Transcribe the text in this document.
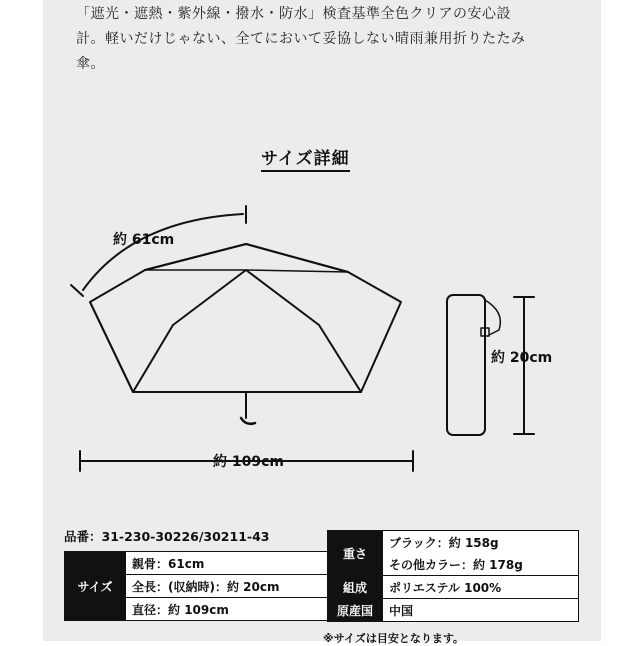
「遮光・遮熱・紫外線・撥水・防水」検査基準全色クリアの安心設
計。軽いだけじゃない、全てにおいて妥協しない晴雨兼用折りたたみ
傘。
サイズ詳細
約 61cm
約 109cm
約 20cm
品番：31-230-30226/30211-43
サイズ	親骨：61cm
全長：(収納時)：約 20cm
直径：約 109cm
重さ	ブラック：約 158g
	その他カラー：約 178g
組成	ポリエステル 100%
原産国	中国
※サイズは目安となります。
